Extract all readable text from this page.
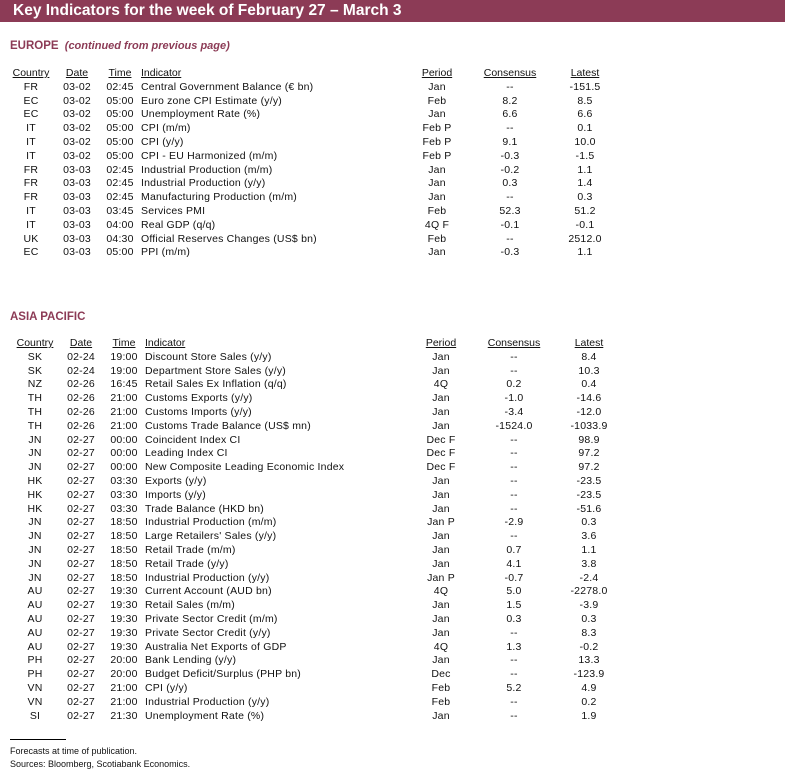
Key Indicators for the week of February 27 – March 3
EUROPE (continued from previous page)
Country	Date	Time	Indicator	Period	Consensus	Latest
FR	03-02	02:45	Central Government Balance (€ bn)	Jan	--	-151.5
EC	03-02	05:00	Euro zone CPI Estimate (y/y)	Feb	8.2	8.5
EC	03-02	05:00	Unemployment Rate (%)	Jan	6.6	6.6
IT	03-02	05:00	CPI (m/m)	Feb P	--	0.1
IT	03-02	05:00	CPI (y/y)	Feb P	9.1	10.0
IT	03-02	05:00	CPI - EU Harmonized (m/m)	Feb P	-0.3	-1.5
FR	03-03	02:45	Industrial Production (m/m)	Jan	-0.2	1.1
FR	03-03	02:45	Industrial Production (y/y)	Jan	0.3	1.4
FR	03-03	02:45	Manufacturing Production (m/m)	Jan	--	0.3
IT	03-03	03:45	Services PMI	Feb	52.3	51.2
IT	03-03	04:00	Real GDP (q/q)	4Q F	-0.1	-0.1
UK	03-03	04:30	Official Reserves Changes (US$ bn)	Feb	--	2512.0
EC	03-03	05:00	PPI (m/m)	Jan	-0.3	1.1
ASIA PACIFIC
Country	Date	Time	Indicator	Period	Consensus	Latest
SK	02-24	19:00	Discount Store Sales (y/y)	Jan	--	8.4
SK	02-24	19:00	Department Store Sales (y/y)	Jan	--	10.3
NZ	02-26	16:45	Retail Sales Ex Inflation (q/q)	4Q	0.2	0.4
TH	02-26	21:00	Customs Exports (y/y)	Jan	-1.0	-14.6
TH	02-26	21:00	Customs Imports (y/y)	Jan	-3.4	-12.0
TH	02-26	21:00	Customs Trade Balance (US$ mn)	Jan	-1524.0	-1033.9
JN	02-27	00:00	Coincident Index CI	Dec F	--	98.9
JN	02-27	00:00	Leading Index CI	Dec F	--	97.2
JN	02-27	00:00	New Composite Leading Economic Index	Dec F	--	97.2
HK	02-27	03:30	Exports (y/y)	Jan	--	-23.5
HK	02-27	03:30	Imports (y/y)	Jan	--	-23.5
HK	02-27	03:30	Trade Balance (HKD bn)	Jan	--	-51.6
JN	02-27	18:50	Industrial Production (m/m)	Jan P	-2.9	0.3
JN	02-27	18:50	Large Retailers' Sales (y/y)	Jan	--	3.6
JN	02-27	18:50	Retail Trade (m/m)	Jan	0.7	1.1
JN	02-27	18:50	Retail Trade (y/y)	Jan	4.1	3.8
JN	02-27	18:50	Industrial Production (y/y)	Jan P	-0.7	-2.4
AU	02-27	19:30	Current Account (AUD bn)	4Q	5.0	-2278.0
AU	02-27	19:30	Retail Sales (m/m)	Jan	1.5	-3.9
AU	02-27	19:30	Private Sector Credit (m/m)	Jan	0.3	0.3
AU	02-27	19:30	Private Sector Credit (y/y)	Jan	--	8.3
AU	02-27	19:30	Australia Net Exports of GDP	4Q	1.3	-0.2
PH	02-27	20:00	Bank Lending (y/y)	Jan	--	13.3
PH	02-27	20:00	Budget Deficit/Surplus (PHP bn)	Dec	--	-123.9
VN	02-27	21:00	CPI (y/y)	Feb	5.2	4.9
VN	02-27	21:00	Industrial Production (y/y)	Feb	--	0.2
SI	02-27	21:30	Unemployment Rate (%)	Jan	--	1.9
Forecasts at time of publication.
Sources: Bloomberg, Scotiabank Economics.
